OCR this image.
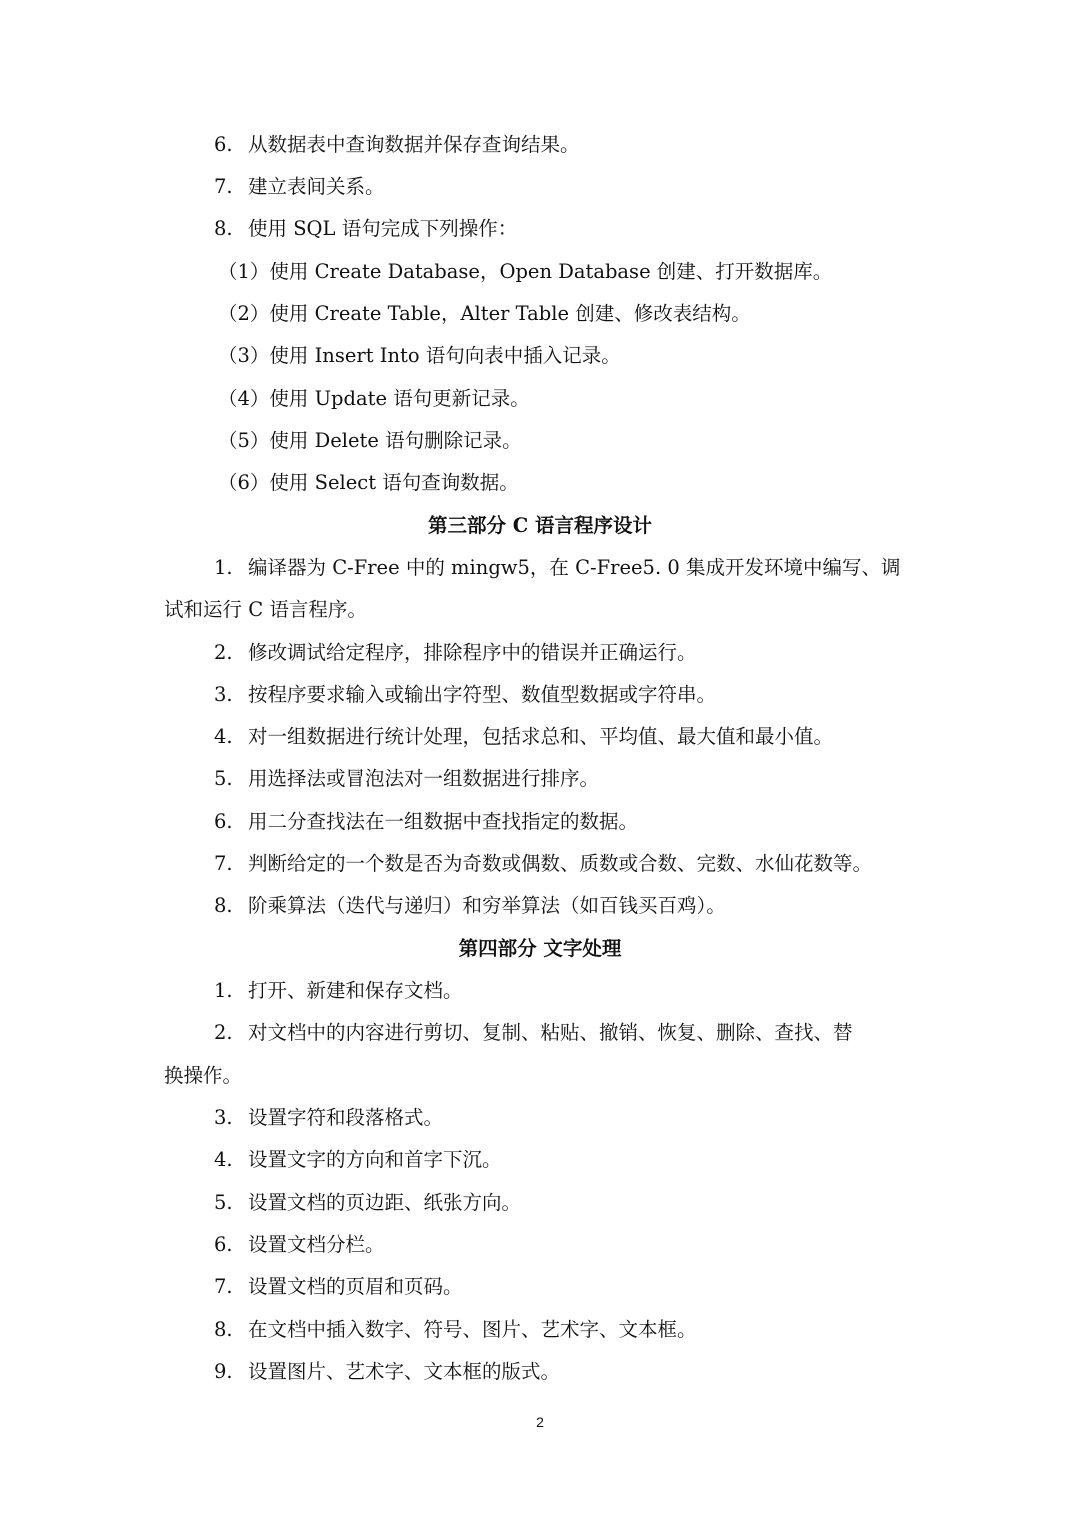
6. 从数据表中查询数据并保存查询结果。
7. 建立表间关系。
8. 使用 SQL 语句完成下列操作：
（1）使用 Create Database，Open Database 创建、打开数据库。
（2）使用 Create Table，Alter Table 创建、修改表结构。
（3）使用 Insert Into 语句向表中插入记录。
（4）使用 Update 语句更新记录。
（5）使用 Delete 语句删除记录。
（6）使用 Select 语句查询数据。
第三部分 C 语言程序设计
1. 编译器为 C-Free 中的 mingw5，在 C-Free5. 0 集成开发环境中编写、调
试和运行 C 语言程序。
2. 修改调试给定程序，排除程序中的错误并正确运行。
3. 按程序要求输入或输出字符型、数值型数据或字符串。
4. 对一组数据进行统计处理，包括求总和、平均值、最大值和最小值。
5. 用选择法或冒泡法对一组数据进行排序。
6. 用二分查找法在一组数据中查找指定的数据。
7. 判断给定的一个数是否为奇数或偶数、质数或合数、完数、水仙花数等。
8. 阶乘算法（迭代与递归）和穷举算法（如百钱买百鸡）。
第四部分 文字处理
1. 打开、新建和保存文档。
2. 对文档中的内容进行剪切、复制、粘贴、撤销、恢复、删除、查找、替
换操作。
3. 设置字符和段落格式。
4. 设置文字的方向和首字下沉。
5. 设置文档的页边距、纸张方向。
6. 设置文档分栏。
7. 设置文档的页眉和页码。
8. 在文档中插入数字、符号、图片、艺术字、文本框。
9. 设置图片、艺术字、文本框的版式。
2
